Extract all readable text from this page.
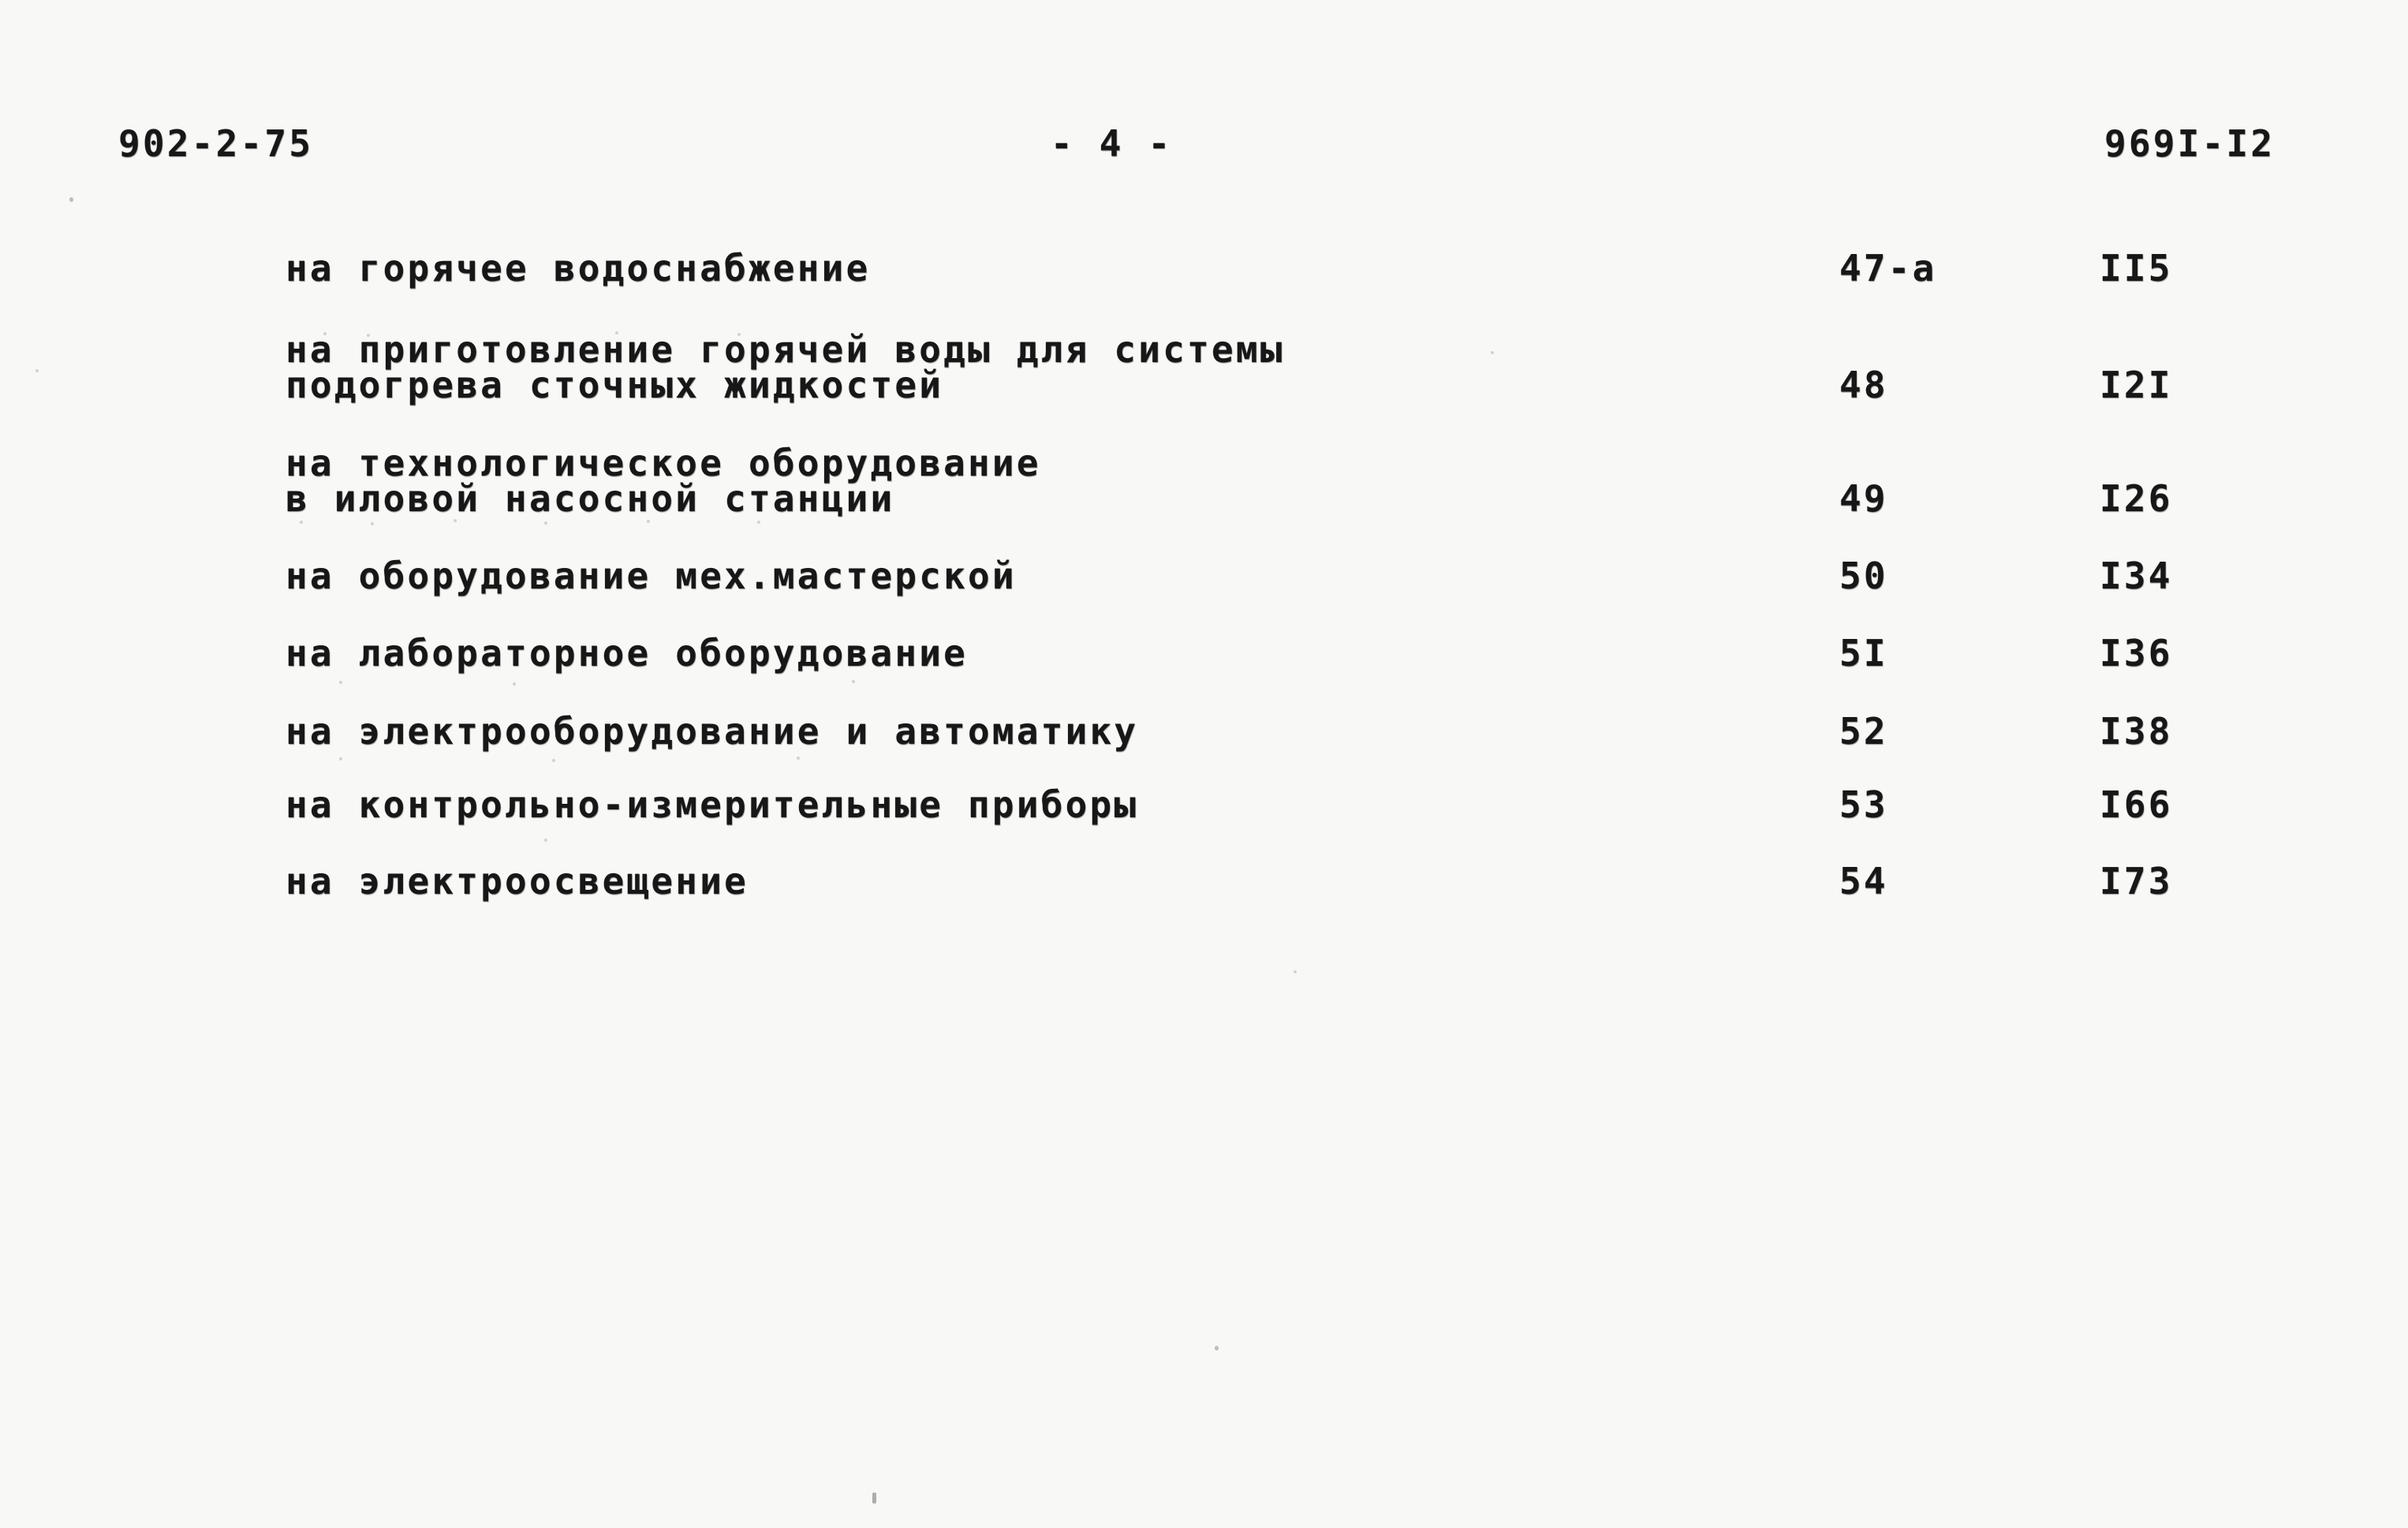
902-2-75	- 4 -	969I-I2
на горячее водоснабжение	47-а	II5
на приготовление горячей воды для системы
подогрева сточных жидкостей	48	I2I
на технологическое оборудование
в иловой насосной станции	49	I26
на оборудование мех.мастерской	50	I34
на лабораторное оборудование	5I	I36
на электрооборудование и автоматику	52	I38
на контрольно-измерительные приборы	53	I66
на электроосвещение	54	I73
